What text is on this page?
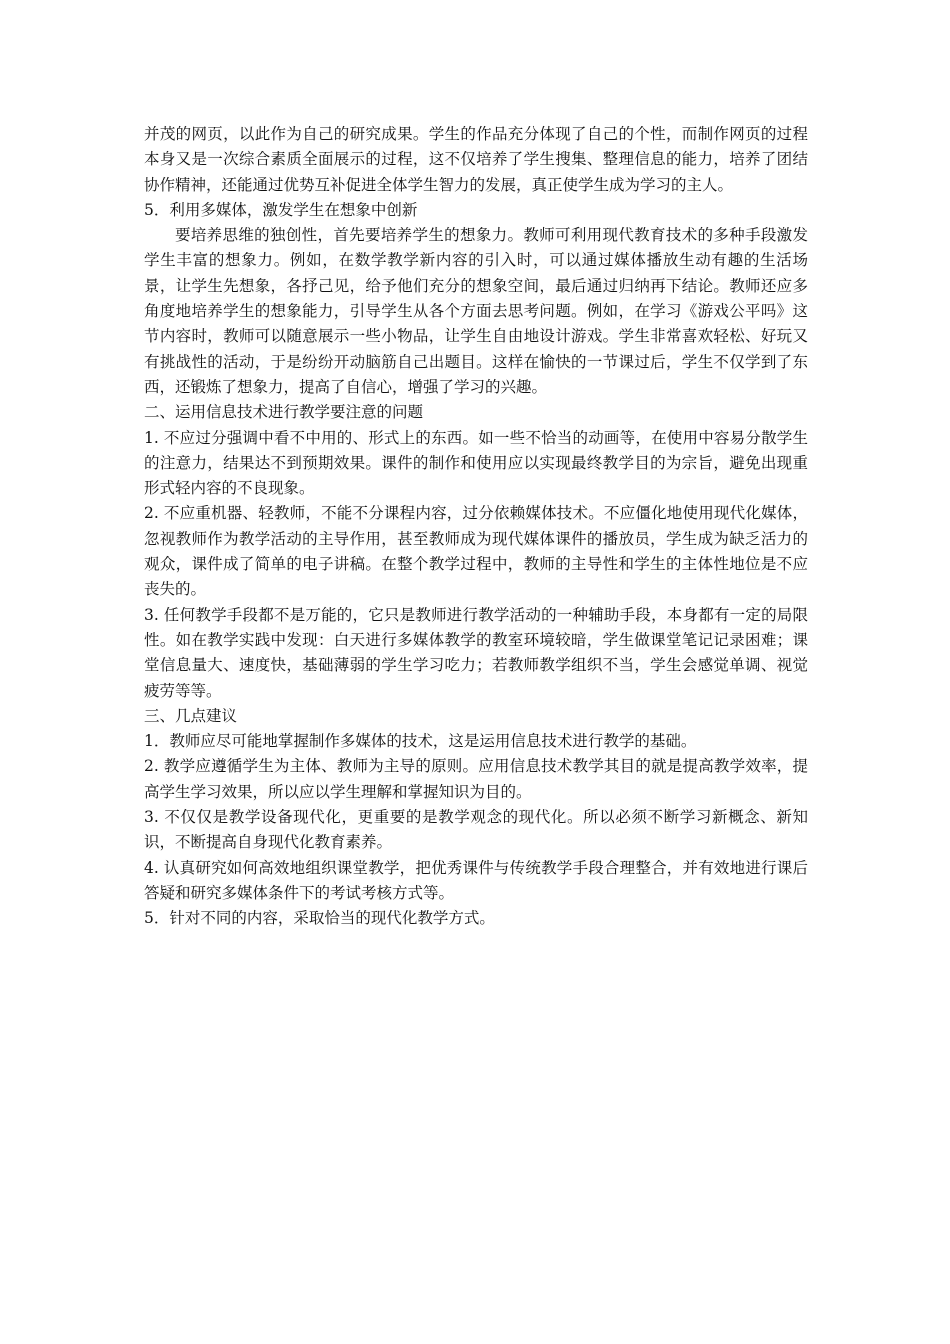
并茂的网页，以此作为自己的研究成果。学生的作品充分体现了自己的个性，而制作网页的过程本身又是一次综合素质全面展示的过程，这不仅培养了学生搜集、整理信息的能力，培养了团结协作精神，还能通过优势互补促进全体学生智力的发展，真正使学生成为学习的主人。

5．利用多媒体，激发学生在想象中创新

要培养思维的独创性，首先要培养学生的想象力。教师可利用现代教育技术的多种手段激发学生丰富的想象力。例如，在数学教学新内容的引入时，可以通过媒体播放生动有趣的生活场景，让学生先想象，各抒己见，给予他们充分的想象空间，最后通过归纳再下结论。教师还应多角度地培养学生的想象能力，引导学生从各个方面去思考问题。例如，在学习《游戏公平吗》这节内容时，教师可以随意展示一些小物品，让学生自由地设计游戏。学生非常喜欢轻松、好玩又有挑战性的活动，于是纷纷开动脑筋自己出题目。这样在愉快的一节课过后，学生不仅学到了东西，还锻炼了想象力，提高了自信心，增强了学习的兴趣。

二、运用信息技术进行教学要注意的问题

1. 不应过分强调中看不中用的、形式上的东西。如一些不恰当的动画等，在使用中容易分散学生的注意力，结果达不到预期效果。课件的制作和使用应以实现最终教学目的为宗旨，避免出现重形式轻内容的不良现象。

2. 不应重机器、轻教师，不能不分课程内容，过分依赖媒体技术。不应僵化地使用现代化媒体，忽视教师作为教学活动的主导作用，甚至教师成为现代媒体课件的播放员，学生成为缺乏活力的观众，课件成了简单的电子讲稿。在整个教学过程中，教师的主导性和学生的主体性地位是不应丧失的。

3. 任何教学手段都不是万能的，它只是教师进行教学活动的一种辅助手段，本身都有一定的局限性。如在教学实践中发现：白天进行多媒体教学的教室环境较暗，学生做课堂笔记记录困难；课堂信息量大、速度快，基础薄弱的学生学习吃力；若教师教学组织不当，学生会感觉单调、视觉疲劳等等。

三、几点建议

1．教师应尽可能地掌握制作多媒体的技术，这是运用信息技术进行教学的基础。

2. 教学应遵循学生为主体、教师为主导的原则。应用信息技术教学其目的就是提高教学效率，提高学生学习效果，所以应以学生理解和掌握知识为目的。

3. 不仅仅是教学设备现代化，更重要的是教学观念的现代化。所以必须不断学习新概念、新知识，不断提高自身现代化教育素养。

4. 认真研究如何高效地组织课堂教学，把优秀课件与传统教学手段合理整合，并有效地进行课后答疑和研究多媒体条件下的考试考核方式等。

5．针对不同的内容，采取恰当的现代化教学方式。
